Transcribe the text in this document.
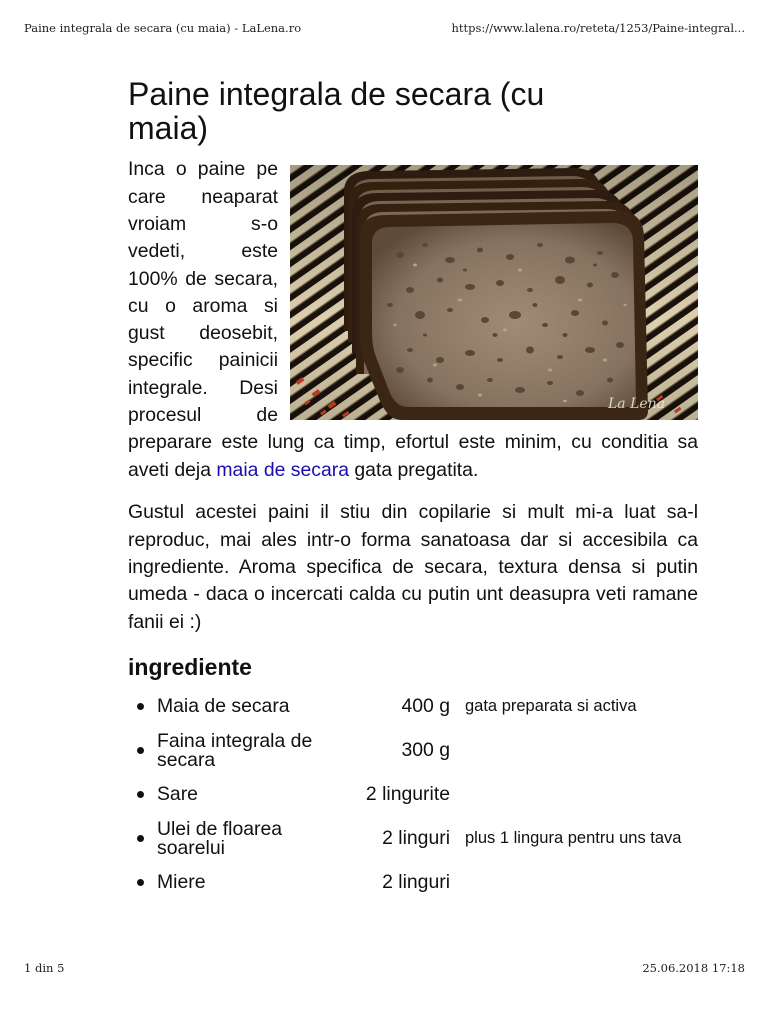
Paine integrala de secara (cu maia) - LaLena.ro	https://www.lalena.ro/reteta/1253/Paine-integral...
Paine integrala de secara (cu maia)

La Lena
Inca o paine pe care neaparat vroiam s-o vedeti, este 100% de secara, cu o aroma si gust deosebit, specific painicii integrale. Desi procesul de preparare este lung ca timp, efortul este minim, cu conditia sa aveti deja maia de secara gata pregatita.

Gustul acestei paini il stiu din copilarie si mult mi-a luat sa-l reproduc, mai ales intr-o forma sanatoasa dar si accesibila ca ingrediente. Aroma specifica de secara, textura densa si putin umeda - daca o incercati calda cu putin unt deasupra veti ramane fanii ei :)

ingrediente
Maia de secara	400 g gata preparata si activa
Faina integrala de secara	300 g
Sare	2 lingurite
Ulei de floarea soarelui	2 linguri plus 1 lingura pentru uns tava
Miere	2 linguri
1 din 5	25.06.2018 17:18
